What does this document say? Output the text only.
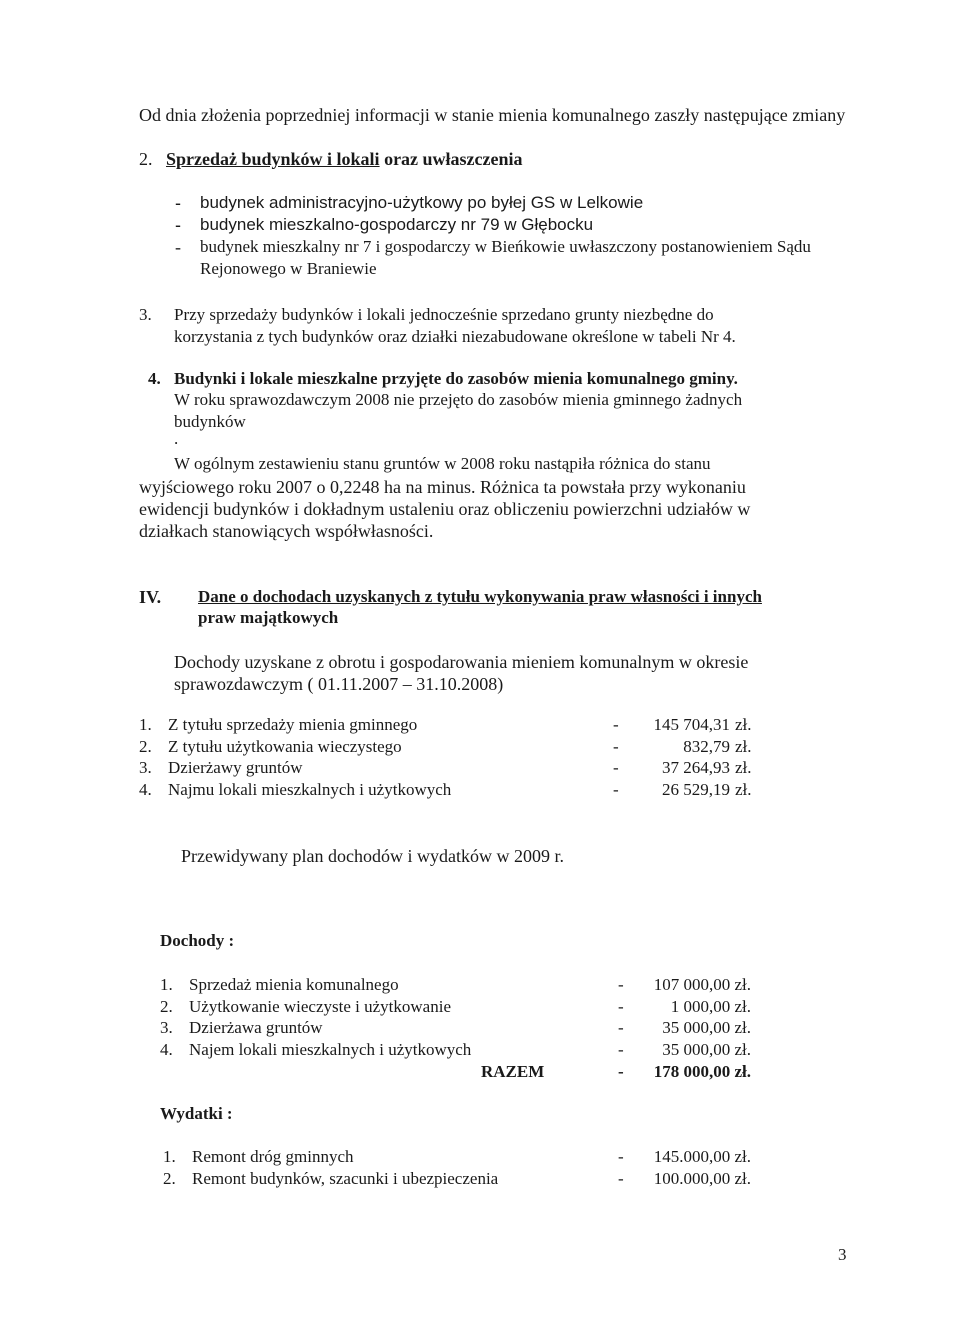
Od dnia złożenia poprzedniej informacji w stanie mienia komunalnego zaszły następujące zmiany
2. Sprzedaż budynków i lokali oraz uwłaszczenia
- budynek administracyjno-użytkowy po byłej GS w Lelkowie
- budynek mieszkalno-gospodarczy nr 79 w Głębocku
- budynek mieszkalny nr 7 i gospodarczy w Bieńkowie uwłaszczony postanowieniem Sądu
Rejonowego w Braniewie
3. Przy sprzedaży budynków i lokali jednocześnie sprzedano grunty niezbędne do
korzystania z tych budynków oraz działki niezabudowane określone w tabeli Nr 4.
4. Budynki i lokale mieszkalne przyjęte do zasobów mienia komunalnego gminy.
W roku sprawozdawczym 2008 nie przejęto do zasobów mienia gminnego żadnych
budynków
.
W ogólnym zestawieniu stanu gruntów w 2008 roku nastąpiła różnica do stanu
wyjściowego roku 2007 o 0,2248 ha na minus. Różnica ta powstała przy wykonaniu
ewidencji budynków i dokładnym ustaleniu oraz obliczeniu powierzchni udziałów w
działkach stanowiących współwłasności.
IV. Dane o dochodach uzyskanych z tytułu wykonywania praw własności i innych
praw majątkowych
Dochody uzyskane z obrotu i gospodarowania mieniem komunalnym w okresie
sprawozdawczym ( 01.11.2007 – 31.10.2008)
1. Z tytułu sprzedaży mienia gminnego	-	145 704,31 zł.
2. Z tytułu użytkowania wieczystego	-	832,79 zł.
3. Dzierżawy gruntów	-	37 264,93 zł.
4. Najmu lokali mieszkalnych i użytkowych	-	26 529,19 zł.
Przewidywany plan dochodów i wydatków w 2009 r.
Dochody :
1. Sprzedaż mienia komunalnego	-	107 000,00 zł.
2. Użytkowanie wieczyste i użytkowanie	-	1 000,00 zł.
3. Dzierżawa gruntów	-	35 000,00 zł.
4. Najem lokali mieszkalnych i użytkowych	-	35 000,00 zł.
RAZEM	-	178 000,00 zł.
Wydatki :
1. Remont dróg gminnych	-	145.000,00 zł.
2. Remont budynków, szacunki i ubezpieczenia	-	100.000,00 zł.
3
